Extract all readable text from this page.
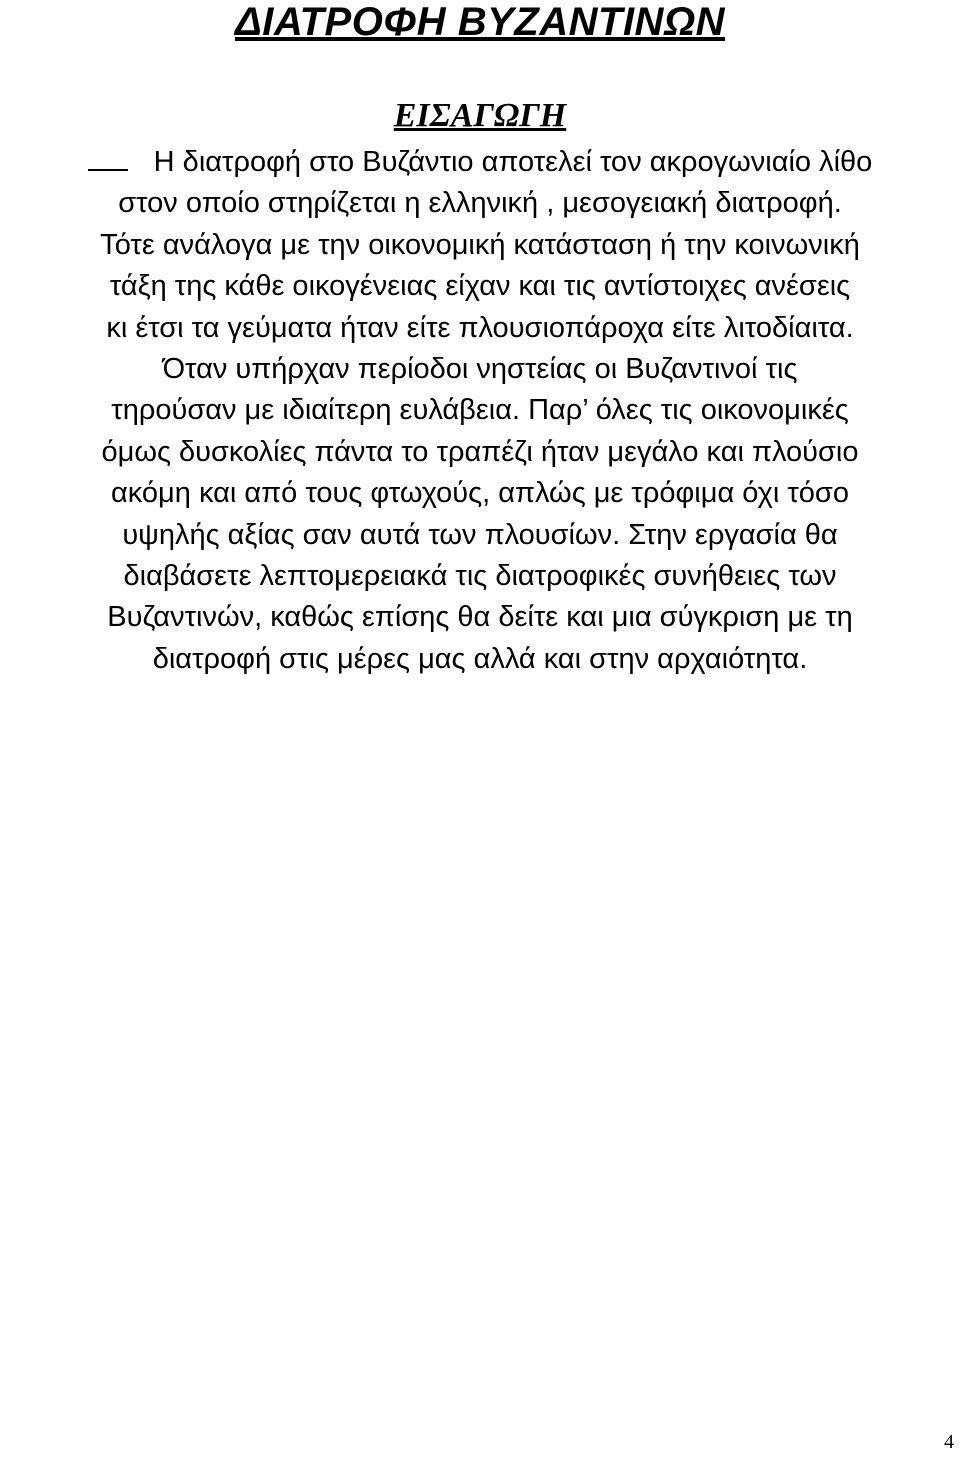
ΔΙΑΤΡΟΦΗ ΒΥΖΑΝΤΙΝΩΝ
ΕΙΣΑΓΩΓΗ
Η διατροφή στο Βυζάντιο αποτελεί τον ακρογωνιαίο λίθο
στον οποίο στηρίζεται η ελληνική , μεσογειακή διατροφή.
Τότε ανάλογα με την οικονομική κατάσταση ή την κοινωνική
τάξη της κάθε οικογένειας είχαν και τις αντίστοιχες ανέσεις
κι έτσι τα γεύματα ήταν είτε πλουσιοπάροχα είτε λιτοδίαιτα.
Όταν υπήρχαν περίοδοι νηστείας οι Βυζαντινοί τις
τηρούσαν με ιδιαίτερη ευλάβεια. Παρ’ όλες τις οικονομικές
όμως δυσκολίες πάντα το τραπέζι ήταν μεγάλο και πλούσιο
ακόμη και από τους φτωχούς, απλώς με τρόφιμα όχι τόσο
υψηλής αξίας σαν αυτά των πλουσίων. Στην εργασία θα
διαβάσετε λεπτομερειακά τις διατροφικές συνήθειες των
Βυζαντινών, καθώς επίσης θα δείτε και μια σύγκριση με τη
διατροφή στις μέρες μας αλλά και στην αρχαιότητα.
4
